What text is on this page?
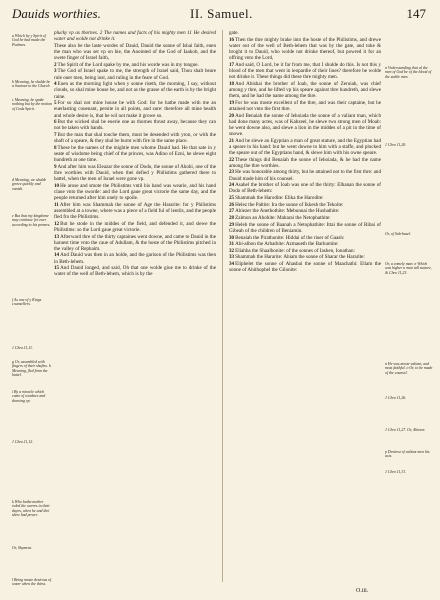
Dauids worthies.	II. Samuel.	147

plucky vp as thornes. 2 The names and facts of his mighty men 11 He desired water and wolde not drinke it.

These also be the laste wordes of Dauid, Dauid the sonne of Ishai faith, euen the man who was set vp on hie, the Anointed of the God of Iaakob, and the swete finger of Israel faith,

2The Spirit of the Lord spake by me, and his worde was in my tongue.

3The God of Israel spake to me, the strength of Israel said, Thou shalt beare rule ouer men, being iust, and ruling in the feare of God.

4Euen as the morning light when y sonne riseth, the morning, I say, without clouds, so shal mine house be, and not as the grasse of the earth is by the bright raine.

5For so shal not mine house be with God: for he hathe made with me an euerlasting couenant, persite in all points, and sure: therefore all mine health and whole desire is, that he wil not make it growe so.

6But the wicked shal be euerie one as thornes thrust away, because they can not be taken with hands.

7But the man that shal touche them, must be desended with yron, or with the shaft of a speare, & they shal be burnt with fire in the same place.

8These be the names of the mightie men whome Dauid had. He that sate in y seate of wisdome being chief of the princes, was Adino of Ezni, he slewe eight hundreth at one time.

9And after him was Eleazar the sonne of Dodo, the sonne of Ahohi, one of the thre worthies with Dauid, when thei defied y Philistims gathered there to battel, when the men of Israel were gone vp.

10He arose and smote the Philistims vntil his hand was wearie, and his hand claue vnto the sworde: and the Lord gaue great victorie the same day, and the people returned after him onely to spoile.

11After him was Shammah the sonne of Age the Hararite: for y Philistims assembled at a towne, where was a piece of a field ful of lentils, and the people fled fro the Philistims.

12But he stode in the middes of the field, and defended it, and slewe the Philistims: so the Lord gaue great victorie.

13Afterward thre of the thirty captaines went downe, and came to Dauid in the haruest time vnto the caue of Adullam, & the hoste of the Philistims pitched in the valley of Rephaim.

14And Dauid was then in an holde, and the garison of the Philistims was then in Beth-lehem.

15And Dauid longed, and said, Oh that one wolde giue me to drinke of the water of the well of Beth-lehem, which is by the

gate.

16Then the thre mighty brake into the hoste of the Philistims, and drewe water out of the well of Beth-lehem that was by the gate, and toke & broght it to Dauid, who wolde not drinke thereof, but powred it for an offring vnto the Lord,

17And said, O Lord, be it far from me, that I shulde do this. Is not this y blood of the men that went in ieopardie of their liues? therefore he wolde not drinke it. These things did these thre mighty men.

18And Abishai the brother of Ioab, the sonne of Zeruiah, was chief among y thre, and he lifted vp his speare against thre hundreth, and slewe them, and he had the name among the thre.

19For he was moste excellent of the thre, and was their captaine, but he attained not vnto the first thre.

20And Benaiah the sonne of Iehoiada the sonne of a valiant man, which had done many actes, was of Kabzeel, he slewe two strong men of Moab: he went downe also, and slewe a lion in the middes of a pit in the time of snowe.

21And he slewe an Egyptian a man of great stature, and the Egyptian had a speare in his hand: but he went downe to him with a staffe, and plucked the speare out of the Egyptians hand, & slewe him with his owne speare.

22These things did Benaiah the sonne of Iehoiada, & he had the name among the thre worthies.

23He was honorable among thirty, but he attained not to the first thre: and Dauid made him of his counsel.

24Asahel the brother of Ioab was one of the thirty: Elhanan the sonne of Dodo of Beth-lehem:

25Shammah the Harodite: Elika the Harodite:

26Helez the Paltite: Ira the sonne of Ikkesh the Tekoite:

27Abiezer the Anethothite: Mebunnai the Hushathite:

28Zalmon an Ahohite: Maharai the Netophathite:

29Heleb the sonne of Baanah a Netophathite: Ittai the sonne of Ribai of Gibeah of the children of Beniamin.

30Benaiah the Pirathonite: Hiddai of the riuer of Gaash:

31Abi-albon the Arbathite: Azmaueth the Barhumite:

32Eliahba the Shaalbonite: of the sonnes of Iashen, Ionathan:

33Shammah the Hararite: Ahiam the sonne of Sharar the Hararite:

34Eliphelet the sonne of Ahasbai the sonne of Maachathi: Eliam the sonne of Ahithophel the Gilonite:

a Which by y Spirit of God he had made the Psalmes.
b Meaning, he shulde be a Sauiour to the Church.
c Meaning, he spake nothing but by the motion of Gods Spirit.
d Meaning, we shulde growe quickly and vanish.
e But that my kingdome may continue for euer according to his promes.
f As one of y Kings counsellers.
1 Chro.11,11.
g Or, assembled with fingers of their shaftes. h Meaning, fled from the battel.
i By a miracle which came of weaknes and drawing vp.
1 Chro.11,12.
k Who bathe mother ruled the warres in their dayes, when he and thei shew had power.
Or, Shymeat.
l Being moste desirous of water when the thirst.
n Vnderstanding that al the men of God be of the blood of the stable men.
1 Chro 11,20.
Or, of Sab-basel.
Or, a comely man. n Which was higher a man tall stature, & Chro 11,23.
n He was moste valiant, and most faithful. o Or, to be made of the counsel.
1 Chro 11,26.
1 Chro 11,27. Or, Abiezer.
p Desirest of valiant men his acts.
1 Chro 11,31.
O.iii.
